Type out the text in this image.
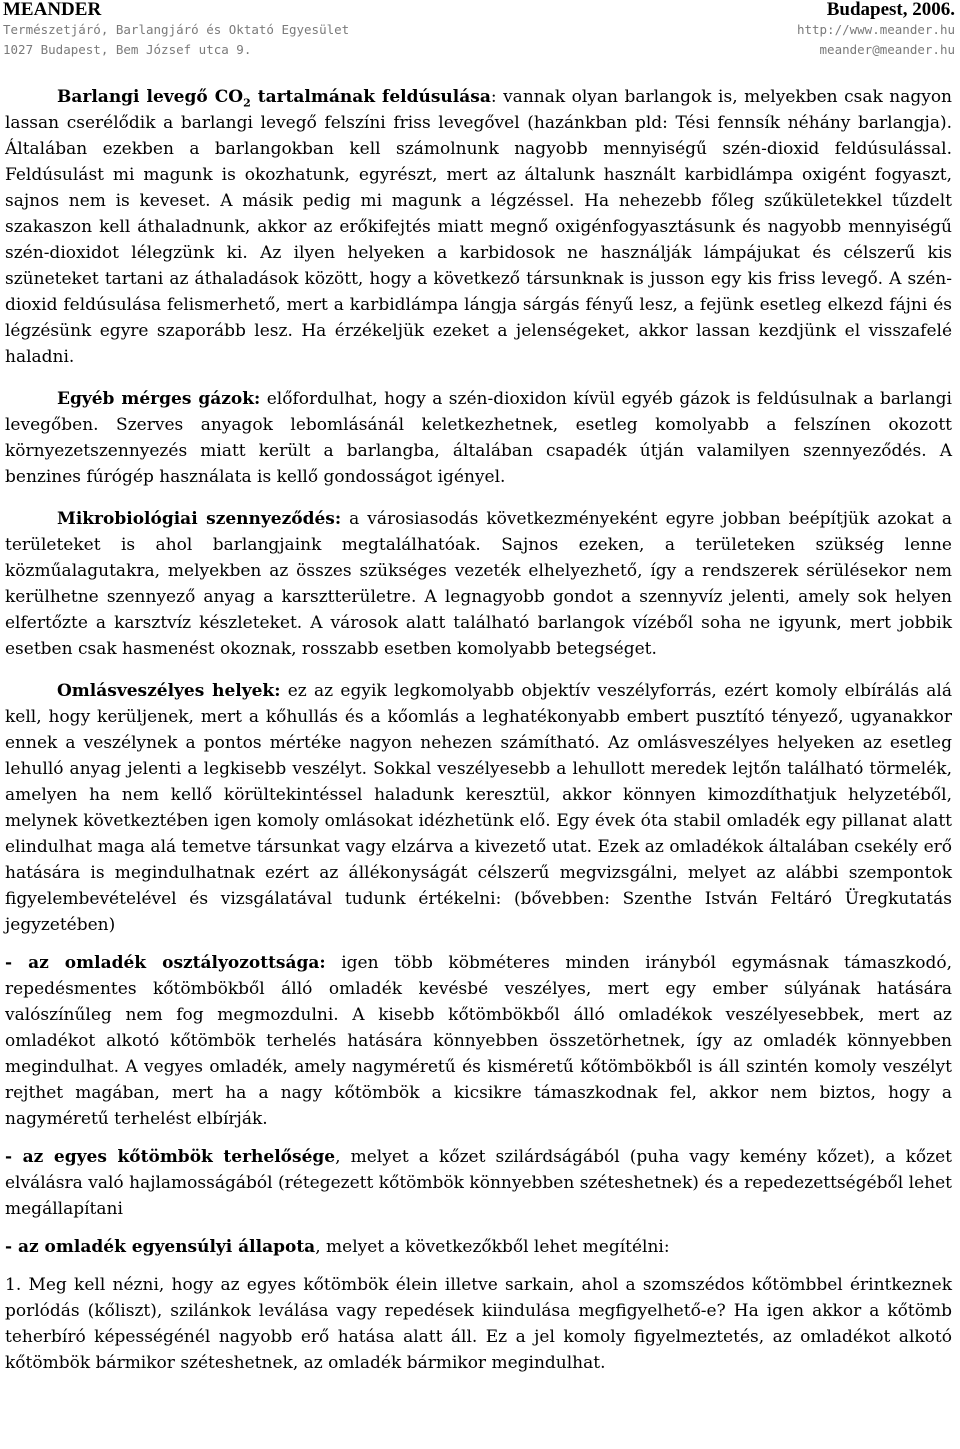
MEANDER	Budapest, 2006.
Természetjáró, Barlangjáró és Oktató Egyesület	http://www.meander.hu
1027 Budapest, Bem József utca 9.	meander@meander.hu

Barlangi levegő $CO_2$ tartalmának feldúsulása: vannak olyan barlangok is, melyekben csak nagyon lassan cserélődik a barlangi levegő felszíni friss levegővel (hazánkban pld: Tési fennsík néhány barlangja). Általában ezekben a barlangokban kell számolnunk nagyobb mennyiségű szén-dioxid feldúsulással. Feldúsulást mi magunk is okozhatunk, egyrészt, mert az általunk használt karbidlámpa oxigént fogyaszt, sajnos nem is keveset. A másik pedig mi magunk a légzéssel. Ha nehezebb főleg szűkületekkel tűzdelt szakaszon kell áthaladnunk, akkor az erőkifejtés miatt megnő oxigénfogyasztásunk és nagyobb mennyiségű szén-dioxidot lélegzünk ki. Az ilyen helyeken a karbidosok ne használják lámpájukat és célszerű kis szüneteket tartani az áthaladások között, hogy a következő társunknak is jusson egy kis friss levegő. A szén-dioxid feldúsulása felismerhető, mert a karbidlámpa lángja sárgás fényű lesz, a fejünk esetleg elkezd fájni és légzésünk egyre szaporább lesz. Ha érzékeljük ezeket a jelenségeket, akkor lassan kezdjünk el visszafelé haladni.

Egyéb mérges gázok: előfordulhat, hogy a szén-dioxidon kívül egyéb gázok is feldúsulnak a barlangi levegőben. Szerves anyagok lebomlásánál keletkezhetnek, esetleg komolyabb a felszínen okozott környezetszennyezés miatt került a barlangba, általában csapadék útján valamilyen szennyeződés. A benzines fúrógép használata is kellő gondosságot igényel.

Mikrobiológiai szennyeződés: a városiasodás következményeként egyre jobban beépítjük azokat a területeket is ahol barlangjaink megtalálhatóak. Sajnos ezeken, a területeken szükség lenne közműalagutakra, melyekben az összes szükséges vezeték elhelyezhető, így a rendszerek sérülésekor nem kerülhetne szennyező anyag a karsztterületre. A legnagyobb gondot a szennyvíz jelenti, amely sok helyen elfertőzte a karsztvíz készleteket. A városok alatt található barlangok vízéből soha ne igyunk, mert jobbik esetben csak hasmenést okoznak, rosszabb esetben komolyabb betegséget.

Omlásveszélyes helyek: ez az egyik legkomolyabb objektív veszélyforrás, ezért komoly elbírálás alá kell, hogy kerüljenek, mert a kőhullás és a kőomlás a leghatékonyabb embert pusztító tényező, ugyanakkor ennek a veszélynek a pontos mértéke nagyon nehezen számítható. Az omlásveszélyes helyeken az esetleg lehulló anyag jelenti a legkisebb veszélyt. Sokkal veszélyesebb a lehullott meredek lejtőn található törmelék, amelyen ha nem kellő körültekintéssel haladunk keresztül, akkor könnyen kimozdíthatjuk helyzetéből, melynek következtében igen komoly omlásokat idézhetünk elő. Egy évek óta stabil omladék egy pillanat alatt elindulhat maga alá temetve társunkat vagy elzárva a kivezető utat. Ezek az omladékok általában csekély erő hatására is megindulhatnak ezért az állékonyságát célszerű megvizsgálni, melyet az alábbi szempontok figyelembevételével és vizsgálatával tudunk értékelni: (bővebben: Szenthe István Feltáró Üregkutatás jegyzetében)

- az omladék osztályozottsága: igen több köbméteres minden irányból egymásnak támaszkodó, repedésmentes kőtömbökből álló omladék kevésbé veszélyes, mert egy ember súlyának hatására valószínűleg nem fog megmozdulni. A kisebb kőtömbökből álló omladékok veszélyesebbek, mert az omladékot alkotó kőtömbök terhelés hatására könnyebben összetörhetnek, így az omladék könnyebben megindulhat. A vegyes omladék, amely nagyméretű és kisméretű kőtömbökből is áll szintén komoly veszélyt rejthet magában, mert ha a nagy kőtömbök a kicsikre támaszkodnak fel, akkor nem biztos, hogy a nagyméretű terhelést elbírják.

- az egyes kőtömbök terhelősége, melyet a kőzet szilárdságából (puha vagy kemény kőzet), a kőzet elválásra való hajlamosságából (rétegezett kőtömbök könnyebben széteshetnek) és a repedezettségéből lehet megállapítani

- az omladék egyensúlyi állapota, melyet a következőkből lehet megítélni:

1. Meg kell nézni, hogy az egyes kőtömbök élein illetve sarkain, ahol a szomszédos kőtömbbel érintkeznek porlódás (kőliszt), szilánkok leválása vagy repedések kiindulása megfigyelhető-e? Ha igen akkor a kőtömb teherbíró képességénél nagyobb erő hatása alatt áll. Ez a jel komoly figyelmeztetés, az omladékot alkotó kőtömbök bármikor széteshetnek, az omladék bármikor megindulhat.
